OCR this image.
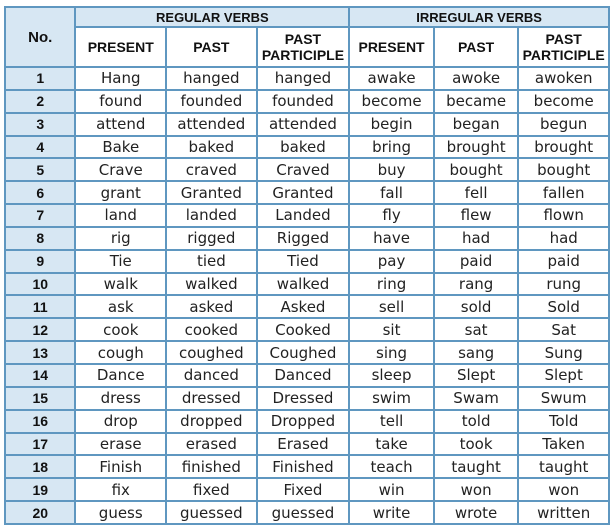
No.	REGULAR VERBS			IRREGULAR VERBS		
	PRESENT	PAST	PAST PARTICIPLE	PRESENT	PAST	PAST PARTICIPLE
1	Hang	hanged	hanged	awake	awoke	awoken
2	found	founded	founded	become	became	become
3	attend	attended	attended	begin	began	begun
4	Bake	baked	baked	bring	brought	brought
5	Crave	craved	Craved	buy	bought	bought
6	grant	Granted	Granted	fall	fell	fallen
7	land	landed	Landed	fly	flew	flown
8	rig	rigged	Rigged	have	had	had
9	Tie	tied	Tied	pay	paid	paid
10	walk	walked	walked	ring	rang	rung
11	ask	asked	Asked	sell	sold	Sold
12	cook	cooked	Cooked	sit	sat	Sat
13	cough	coughed	Coughed	sing	sang	Sung
14	Dance	danced	Danced	sleep	Slept	Slept
15	dress	dressed	Dressed	swim	Swam	Swum
16	drop	dropped	Dropped	tell	told	Told
17	erase	erased	Erased	take	took	Taken
18	Finish	finished	Finished	teach	taught	taught
19	fix	fixed	Fixed	win	won	won
20	guess	guessed	guessed	write	wrote	written
